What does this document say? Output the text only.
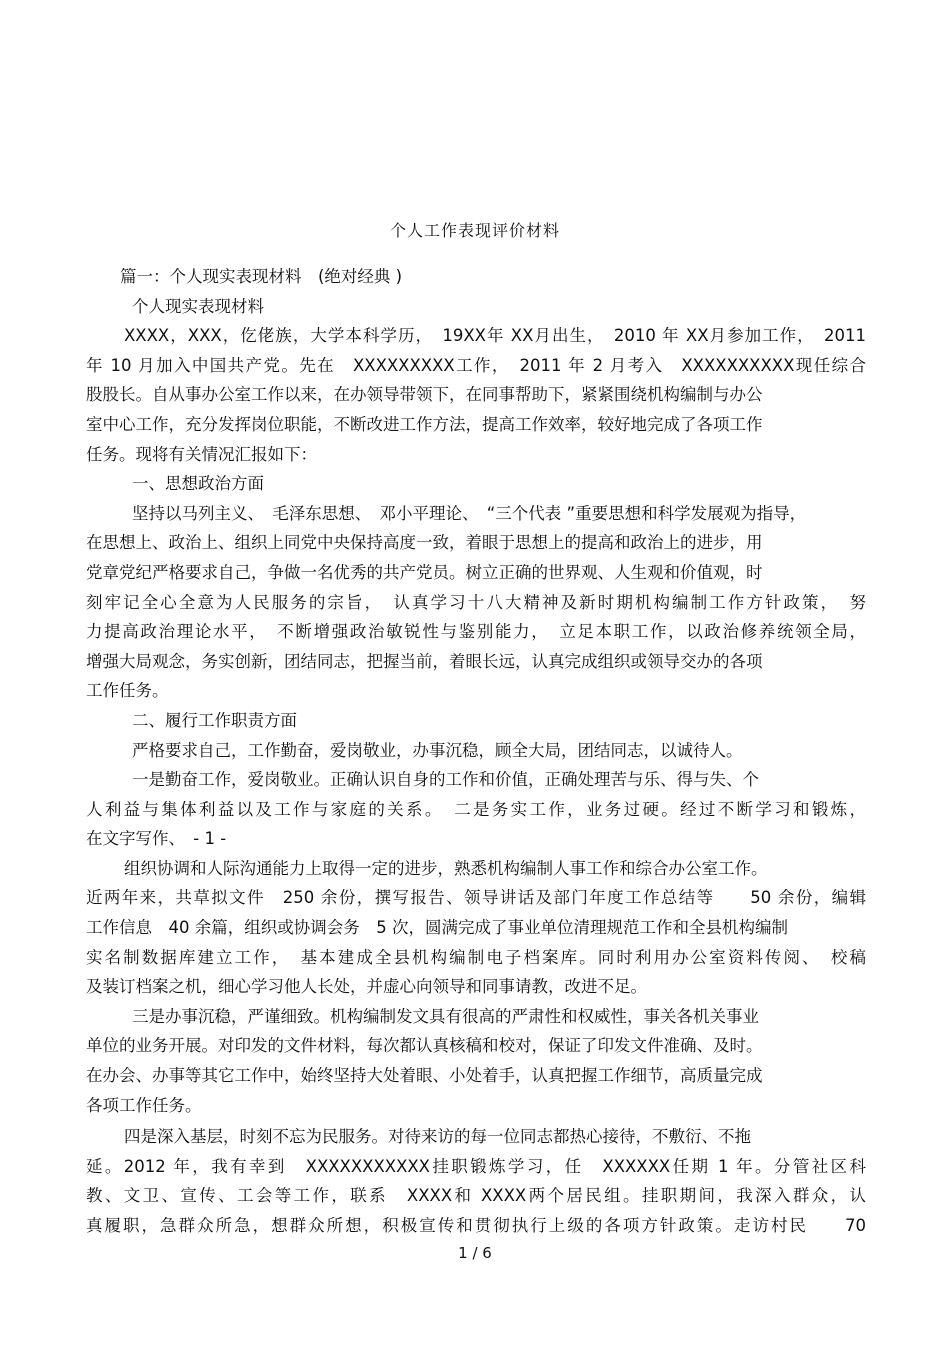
个人工作表现评价材料
篇一：个人现实表现材料　(绝对经典 )
个人现实表现材料
XXXX，XXX，仡佬族，大学本科学历，　19XX年 XX月出生，　2010 年 XX月参加工作，　2011
年 10 月加入中国共产党。先在　XXXXXXXXX工作，　2011 年 2 月考入　XXXXXXXXXX现任综合
股股长。自从事办公室工作以来，在办领导带领下，在同事帮助下，紧紧围绕机构编制与办公
室中心工作，充分发挥岗位职能，不断改进工作方法，提高工作效率，较好地完成了各项工作
任务。现将有关情况汇报如下：
一、思想政治方面
坚持以马列主义、　毛泽东思想、　邓小平理论、　“三个代表 ”重要思想和科学发展观为指导，
在思想上、政治上、组织上同党中央保持高度一致，着眼于思想上的提高和政治上的进步，用
党章党纪严格要求自己，争做一名优秀的共产党员。树立正确的世界观、人生观和价值观，时
刻牢记全心全意为人民服务的宗旨，　认真学习十八大精神及新时期机构编制工作方针政策，　努
力提高政治理论水平，　不断增强政治敏锐性与鉴别能力，　立足本职工作，以政治修养统领全局，
增强大局观念，务实创新，团结同志，把握当前，着眼长远，认真完成组织或领导交办的各项
工作任务。
二、履行工作职责方面
严格要求自己，工作勤奋，爱岗敬业，办事沉稳，顾全大局，团结同志，以诚待人。
一是勤奋工作，爱岗敬业。正确认识自身的工作和价值，正确处理苦与乐、得与失、个
人利益与集体利益以及工作与家庭的关系。　二是务实工作，业务过硬。经过不断学习和锻炼，
在文字写作、　- 1 -
组织协调和人际沟通能力上取得一定的进步，熟悉机构编制人事工作和综合办公室工作。
近两年来，共草拟文件　250 余份，撰写报告、领导讲话及部门年度工作总结等　　50 余份，编辑
工作信息　40 余篇，组织或协调会务　5 次，圆满完成了事业单位清理规范工作和全县机构编制
实名制数据库建立工作，　基本建成全县机构编制电子档案库。同时利用办公室资料传阅、　校稿
及装订档案之机，细心学习他人长处，并虚心向领导和同事请教，改进不足。
三是办事沉稳，严谨细致。机构编制发文具有很高的严肃性和权威性，事关各机关事业
单位的业务开展。对印发的文件材料，每次都认真核稿和校对，保证了印发文件准确、及时。
在办会、办事等其它工作中，始终坚持大处着眼、小处着手，认真把握工作细节，高质量完成
各项工作任务。
四是深入基层，时刻不忘为民服务。对待来访的每一位同志都热心接待，不敷衍、不拖
延。2012 年，我有幸到　XXXXXXXXXXX挂职锻炼学习，任　XXXXXX任期 1 年。分管社区科
教、文卫、宣传、工会等工作，联系　XXXX和 XXXX两个居民组。挂职期间，我深入群众，认
真履职，急群众所急，想群众所想，积极宣传和贯彻执行上级的各项方针政策。走访村民　　70
1 / 6
